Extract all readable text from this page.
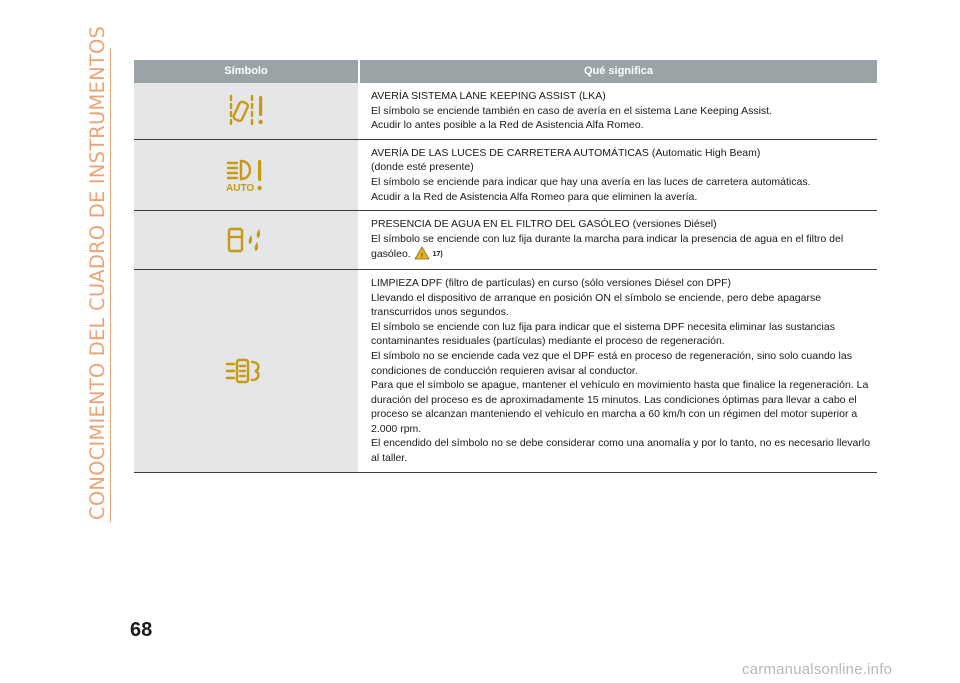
CONOCIMIENTO DEL CUADRO DE INSTRUMENTOS	Símbolo	Qué significa

AVERÍA SISTEMA LANE KEEPING ASSIST (LKA)

El símbolo se enciende también en caso de avería en el sistema Lane Keeping Assist.

Acudir lo antes posible a la Red de Asistencia Alfa Romeo.

AUTO

AVERÍA DE LAS LUCES DE CARRETERA AUTOMÁTICAS (Automatic High Beam)

(donde esté presente)

El símbolo se enciende para indicar que hay una avería en las luces de carretera automáticas.

Acudir a la Red de Asistencia Alfa Romeo para que eliminen la avería.

PRESENCIA DE AGUA EN EL FILTRO DEL GASÓLEO (versiones Diésel)

El símbolo se enciende con luz fija durante la marcha para indicar la presencia de agua en el filtro del gasóleo. ! 17)

LIMPIEZA DPF (filtro de partículas) en curso (sólo versiones Diésel con DPF)

Llevando el dispositivo de arranque en posición ON el símbolo se enciende, pero debe apagarse transcurridos unos segundos.

El símbolo se enciende con luz fija para indicar que el sistema DPF necesita eliminar las sustancias contaminantes residuales (partículas) mediante el proceso de regeneración.

El símbolo no se enciende cada vez que el DPF está en proceso de regeneración, sino solo cuando las condiciones de conducción requieren avisar al conductor.

Para que el símbolo se apague, mantener el vehículo en movimiento hasta que finalice la regeneración. La duración del proceso es de aproximadamente 15 minutos. Las condiciones óptimas para llevar a cabo el proceso se alcanzan manteniendo el vehículo en marcha a 60 km/h con un régimen del motor superior a 2.000 rpm.

El encendido del símbolo no se debe considerar como una anomalía y por lo tanto, no es necesario llevarlo al taller.

68
carmanualsonline.info
